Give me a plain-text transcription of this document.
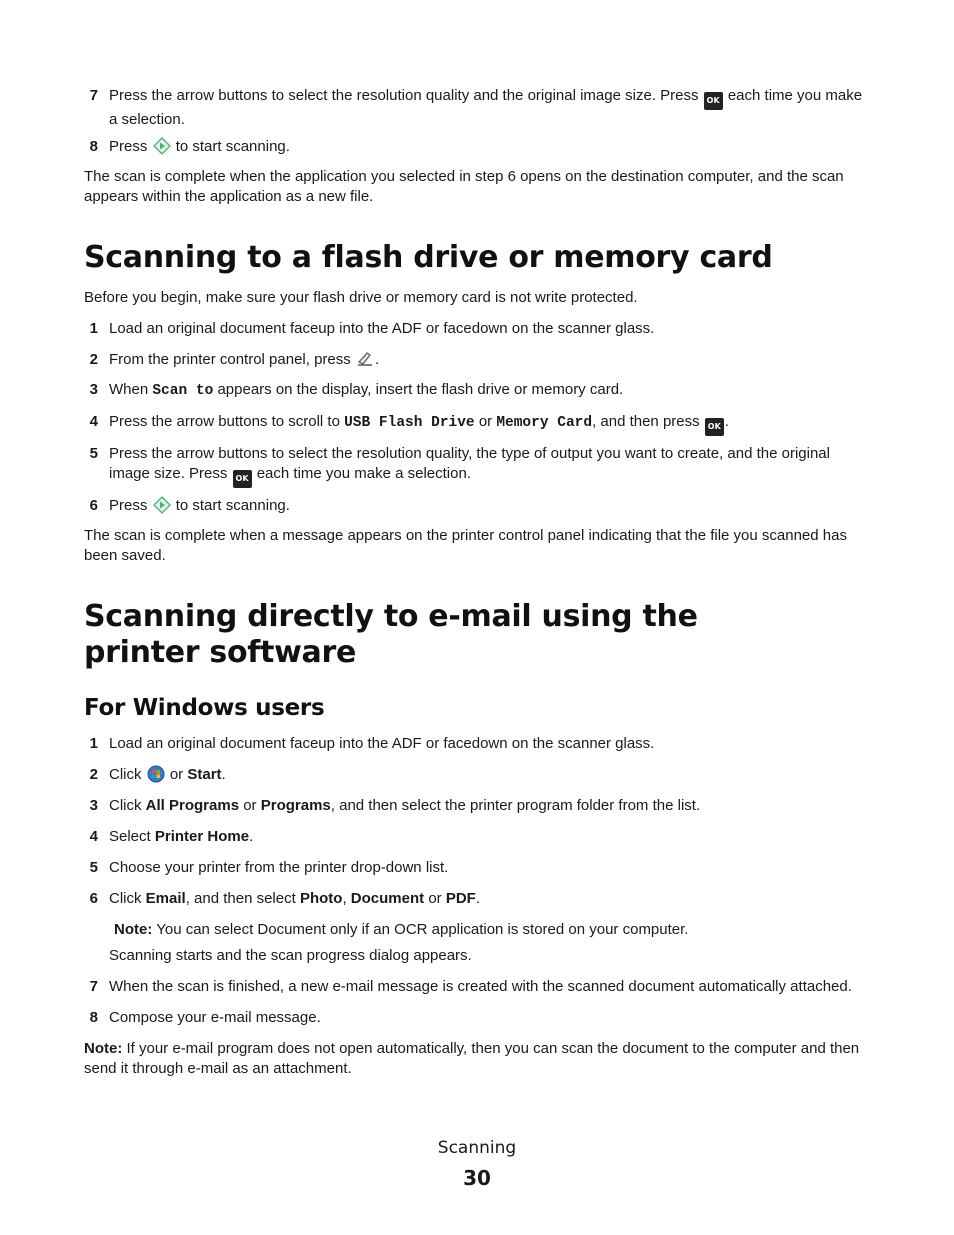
7 Press the arrow buttons to select the resolution quality and the original image size. Press OK each time you make a selection.
8 Press to start scanning.
The scan is complete when the application you selected in step 6 opens on the destination computer, and the scan appears within the application as a new file.
Scanning to a flash drive or memory card
Before you begin, make sure your flash drive or memory card is not write protected.
1 Load an original document faceup into the ADF or facedown on the scanner glass.
2 From the printer control panel, press .
3 When Scan to appears on the display, insert the flash drive or memory card.
4 Press the arrow buttons to scroll to USB Flash Drive or Memory Card, and then press OK .
5 Press the arrow buttons to select the resolution quality, the type of output you want to create, and the original image size. Press OK each time you make a selection.
6 Press to start scanning.
The scan is complete when a message appears on the printer control panel indicating that the file you scanned has been saved.
Scanning directly to e-mail using the printer software
For Windows users
1 Load an original document faceup into the ADF or facedown on the scanner glass.
2 Click or Start.
3 Click All Programs or Programs, and then select the printer program folder from the list.
4 Select Printer Home.
5 Choose your printer from the printer drop-down list.
6 Click Email, and then select Photo, Document or PDF.
Note: You can select Document only if an OCR application is stored on your computer.
Scanning starts and the scan progress dialog appears.
7 When the scan is finished, a new e-mail message is created with the scanned document automatically attached.
8 Compose your e-mail message.
Note: If your e-mail program does not open automatically, then you can scan the document to the computer and then send it through e-mail as an attachment.
Scanning
30
